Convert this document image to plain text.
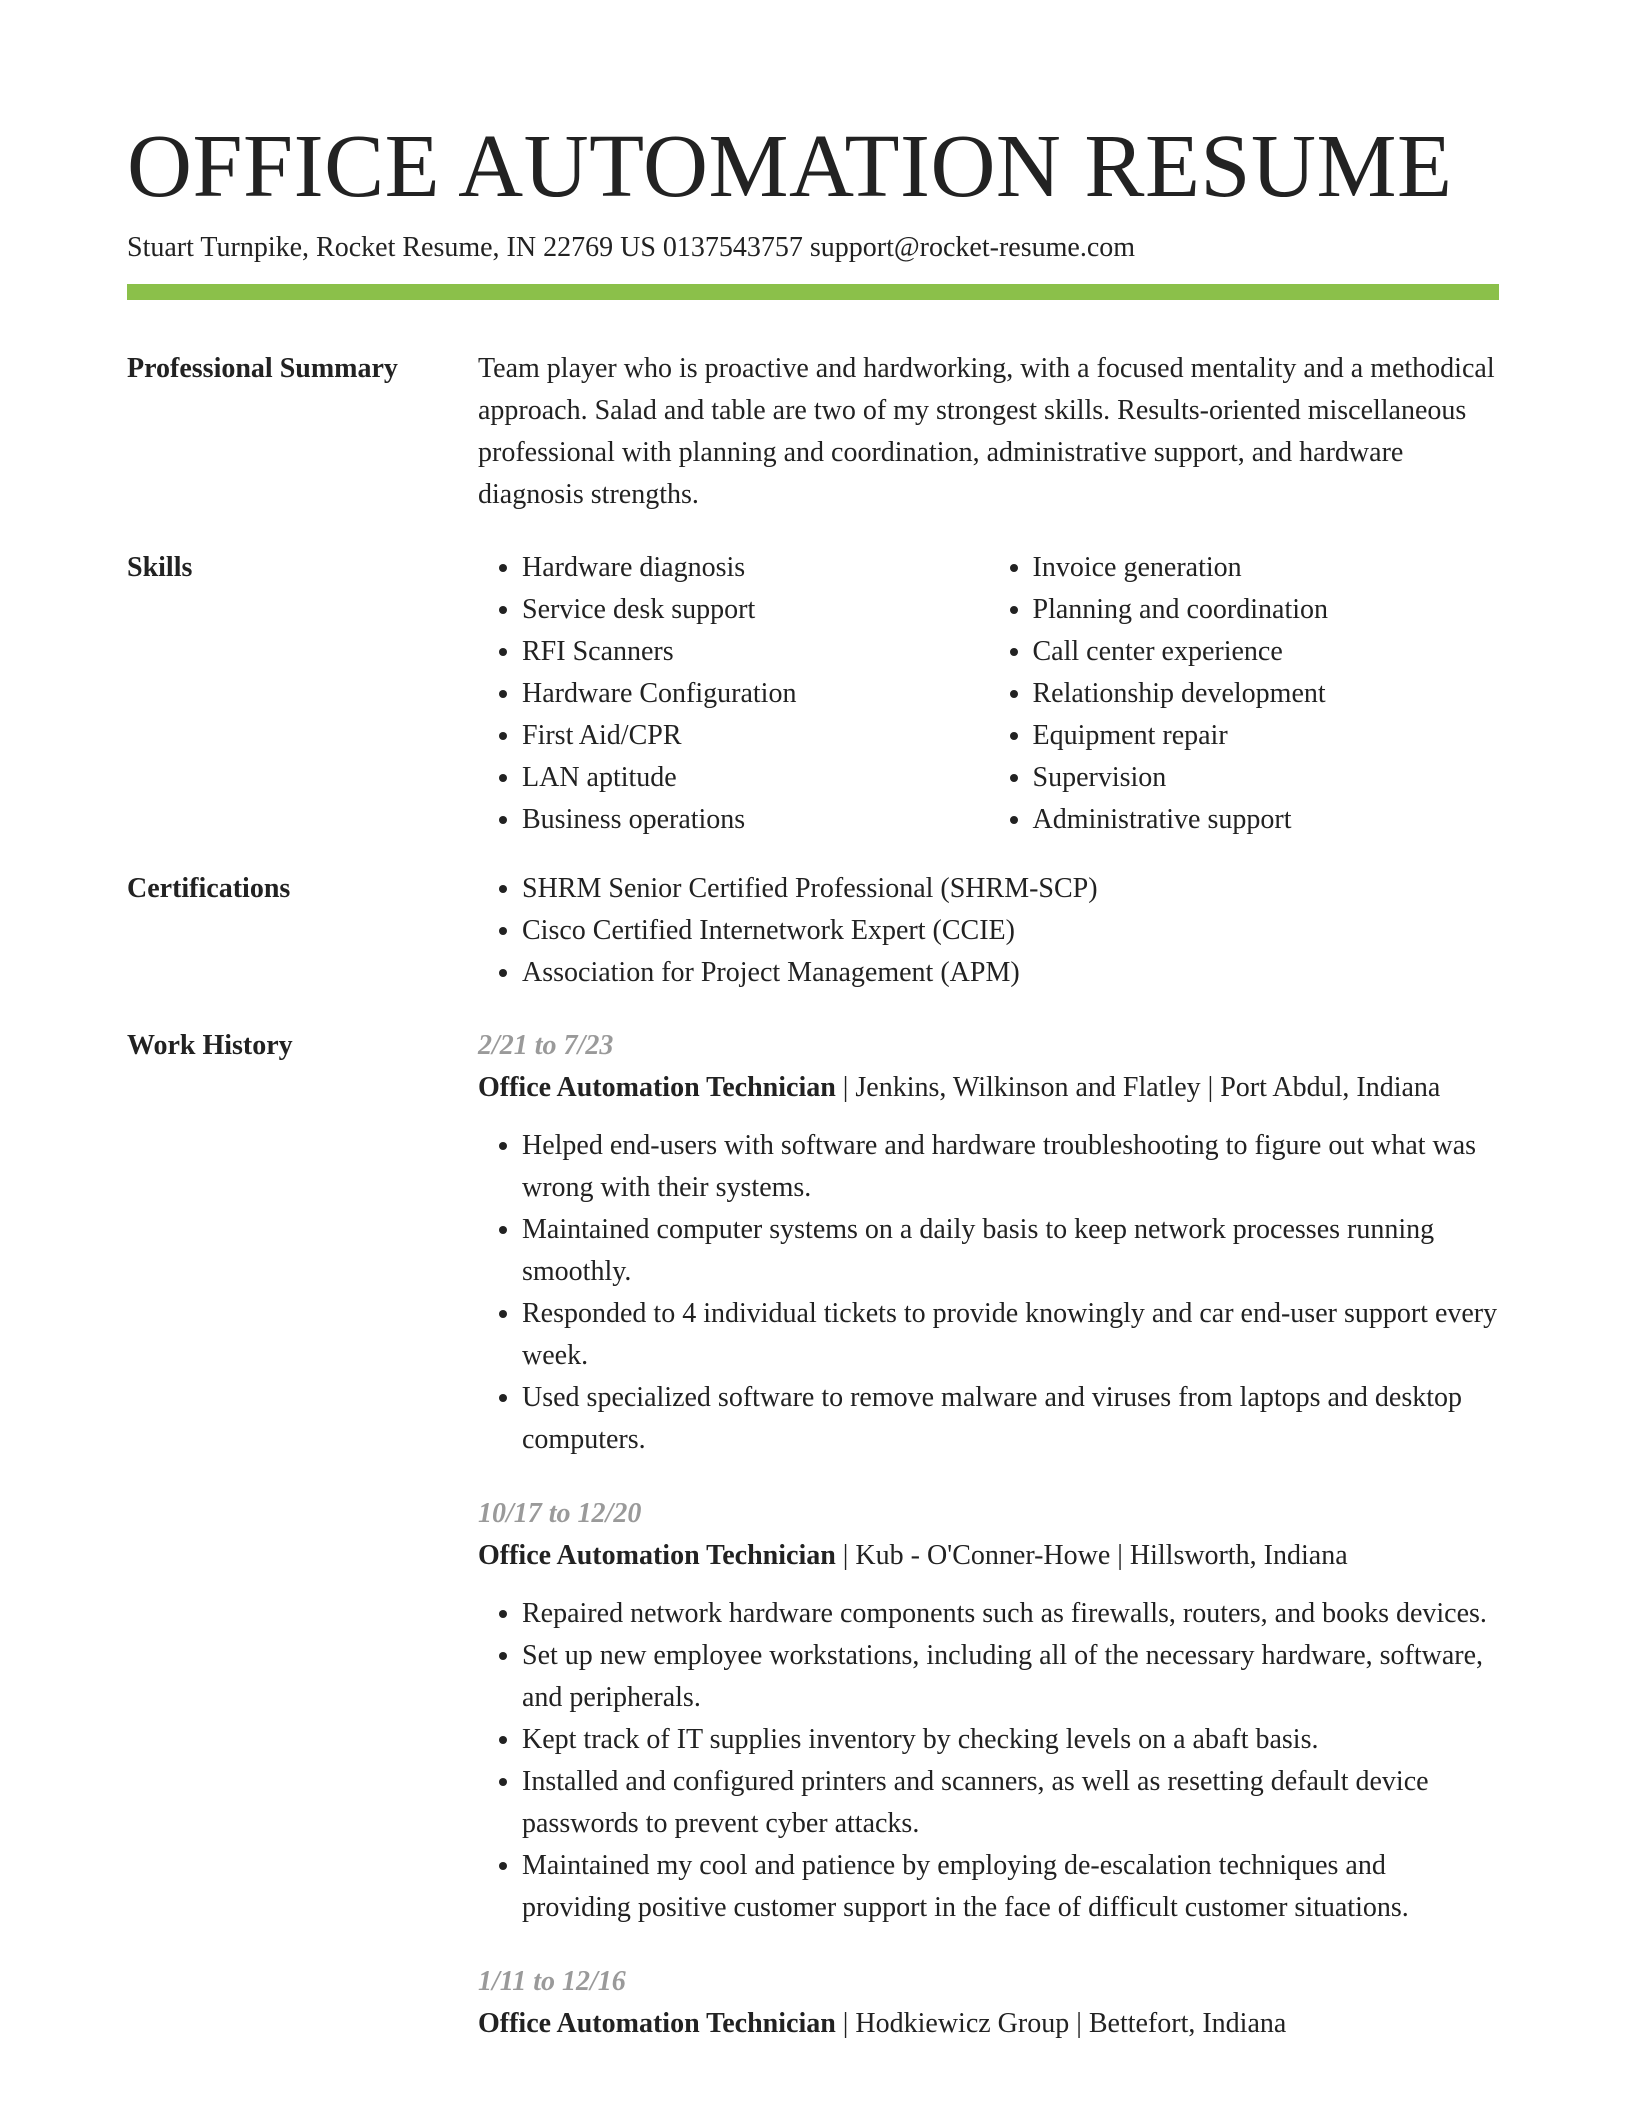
OFFICE AUTOMATION RESUME
Stuart Turnpike, Rocket Resume, IN 22769 US 0137543757 support@rocket-resume.com
Professional Summary	Team player who is proactive and hardworking, with a focused mentality and a methodical approach. Salad and table are two of my strongest skills. Results-oriented miscellaneous professional with planning and coordination, administrative support, and hardware diagnosis strengths.

Skills	• Hardware diagnosis
• Service desk support
• RFI Scanners
• Hardware Configuration
• First Aid/CPR
• LAN aptitude
• Business operations
• Invoice generation
• Planning and coordination
• Call center experience
• Relationship development
• Equipment repair
• Supervision
• Administrative support
Certifications	• SHRM Senior Certified Professional (SHRM-SCP)
• Cisco Certified Internetwork Expert (CCIE)
• Association for Project Management (APM)
Work History	2/21 to 7/23
Office Automation Technician | Jenkins, Wilkinson and Flatley | Port Abdul, Indiana
• Helped end-users with software and hardware troubleshooting to figure out what was wrong with their systems.
• Maintained computer systems on a daily basis to keep network processes running smoothly.
• Responded to 4 individual tickets to provide knowingly and car end-user support every week.
• Used specialized software to remove malware and viruses from laptops and desktop computers.
10/17 to 12/20
Office Automation Technician | Kub - O'Conner-Howe | Hillsworth, Indiana
• Repaired network hardware components such as firewalls, routers, and books devices.
• Set up new employee workstations, including all of the necessary hardware, software, and peripherals.
• Kept track of IT supplies inventory by checking levels on a abaft basis.
• Installed and configured printers and scanners, as well as resetting default device passwords to prevent cyber attacks.
• Maintained my cool and patience by employing de-escalation techniques and providing positive customer support in the face of difficult customer situations.
1/11 to 12/16
Office Automation Technician | Hodkiewicz Group | Bettefort, Indiana
